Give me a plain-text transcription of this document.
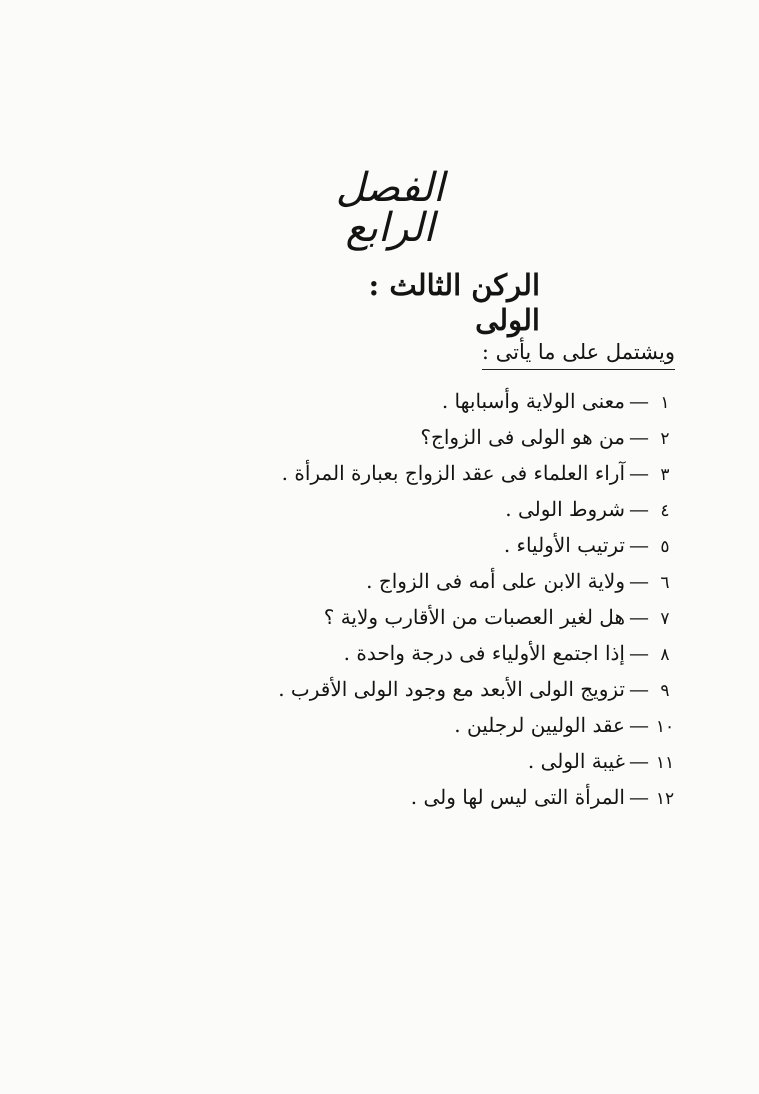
الفصل الرابع
الركن الثالث : الولى
ويشتمل على ما يأتى :
١
—
معنى الولاية وأسبابها .
٢
—
من هو الولى فى الزواج؟
٣
—
آراء العلماء فى عقد الزواج بعبارة المرأة .
٤
—
شروط الولى .
٥
—
ترتيب الأولياء .
٦
—
ولاية الابن على أمه فى الزواج .
٧
—
هل لغير العصبات من الأقارب ولاية ؟
٨
—
إذا اجتمع الأولياء فى درجة واحدة .
٩
—
تزويج الولى الأبعد مع وجود الولى الأقرب .
١٠
—
عقد الوليين لرجلين .
١١
—
غيبة الولى .
١٢
—
المرأة التى ليس لها ولى .
